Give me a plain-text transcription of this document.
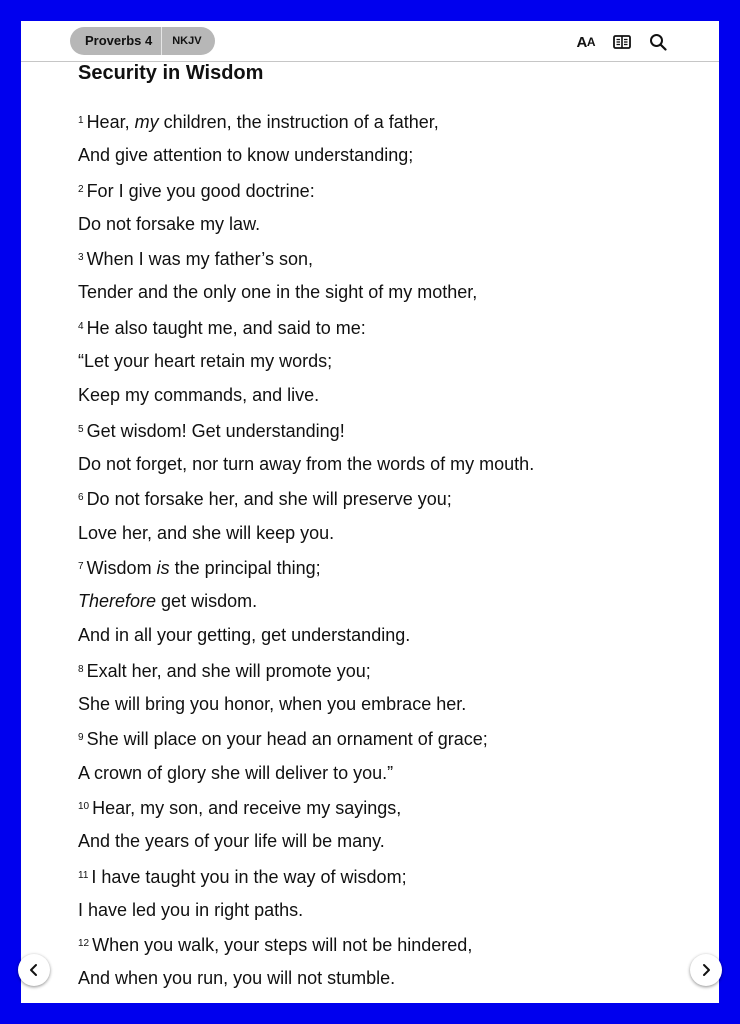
Proverbs 4	NKJV	A A
Security in Wisdom
$^1$ Hear, my children, the instruction of a father,
And give attention to know understanding;
$^2$ For I give you good doctrine:
Do not forsake my law.
$^3$ When I was my father’s son,
Tender and the only one in the sight of my mother,
$^4$ He also taught me, and said to me:
“Let your heart retain my words;
Keep my commands, and live.
$^5$ Get wisdom! Get understanding!
Do not forget, nor turn away from the words of my mouth.
$^6$ Do not forsake her, and she will preserve you;
Love her, and she will keep you.
$^7$ Wisdom is the principal thing;
Therefore get wisdom.
And in all your getting, get understanding.
$^8$ Exalt her, and she will promote you;
She will bring you honor, when you embrace her.
$^9$ She will place on your head an ornament of grace;
A crown of glory she will deliver to you.”
$^{10}$ Hear, my son, and receive my sayings,
And the years of your life will be many.
$^{11}$ I have taught you in the way of wisdom;
I have led you in right paths.
$^{12}$ When you walk, your steps will not be hindered,
And when you run, you will not stumble.
